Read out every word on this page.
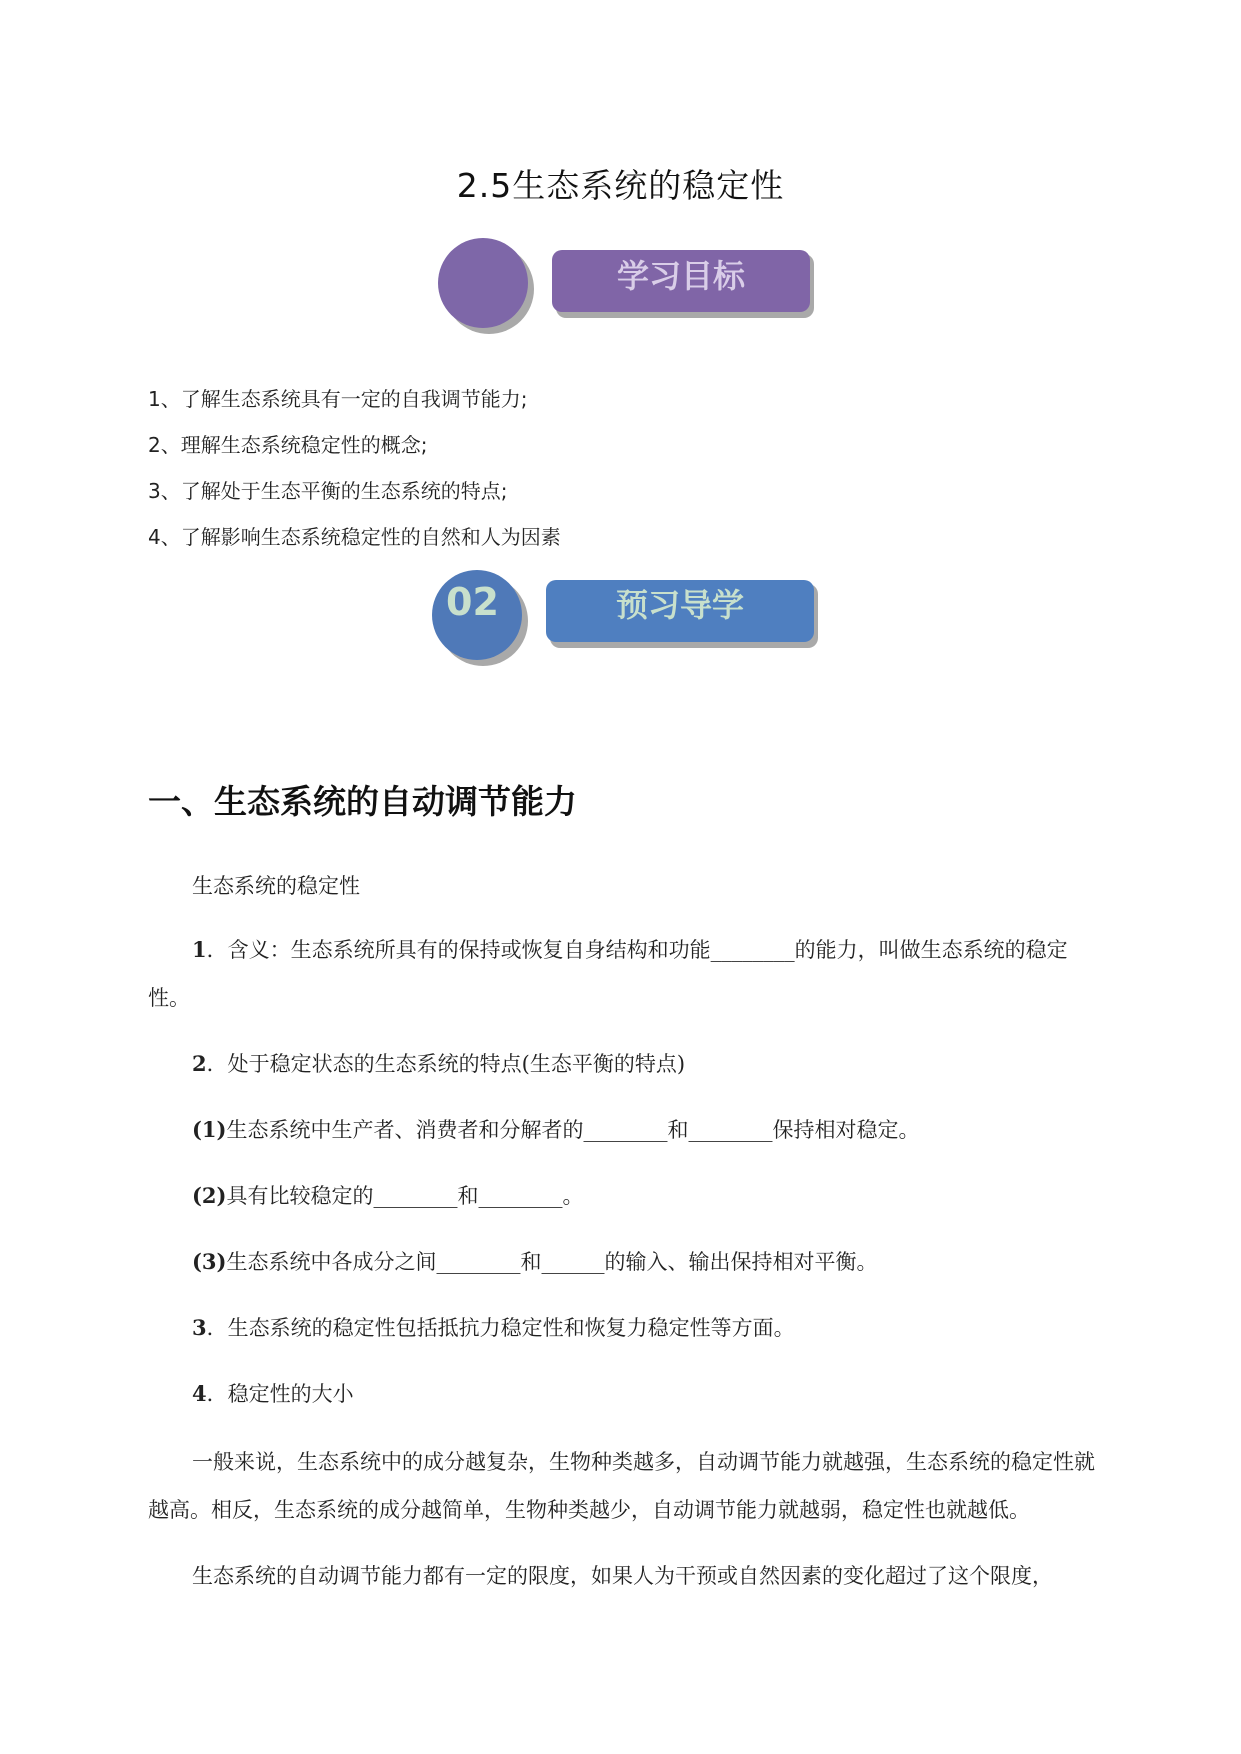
2.5生态系统的稳定性
学习目标
1、了解生态系统具有一定的自我调节能力;
2、理解生态系统稳定性的概念;
3、了解处于生态平衡的生态系统的特点;
4、了解影响生态系统稳定性的自然和人为因素
02	预习导学
一、生态系统的自动调节能力
生态系统的稳定性
1．含义：生态系统所具有的保持或恢复自身结构和功能________的能力，叫做生态系统的稳定性。
2．处于稳定状态的生态系统的特点(生态平衡的特点)
(1)生态系统中生产者、消费者和分解者的________和________保持相对稳定。
(2)具有比较稳定的________和________。
(3)生态系统中各成分之间________和______的输入、输出保持相对平衡。
3．生态系统的稳定性包括抵抗力稳定性和恢复力稳定性等方面。
4．稳定性的大小
一般来说，生态系统中的成分越复杂，生物种类越多，自动调节能力就越强，生态系统的稳定性就越高。相反，生态系统的成分越简单，生物种类越少，自动调节能力就越弱，稳定性也就越低。
生态系统的自动调节能力都有一定的限度，如果人为干预或自然因素的变化超过了这个限度，
